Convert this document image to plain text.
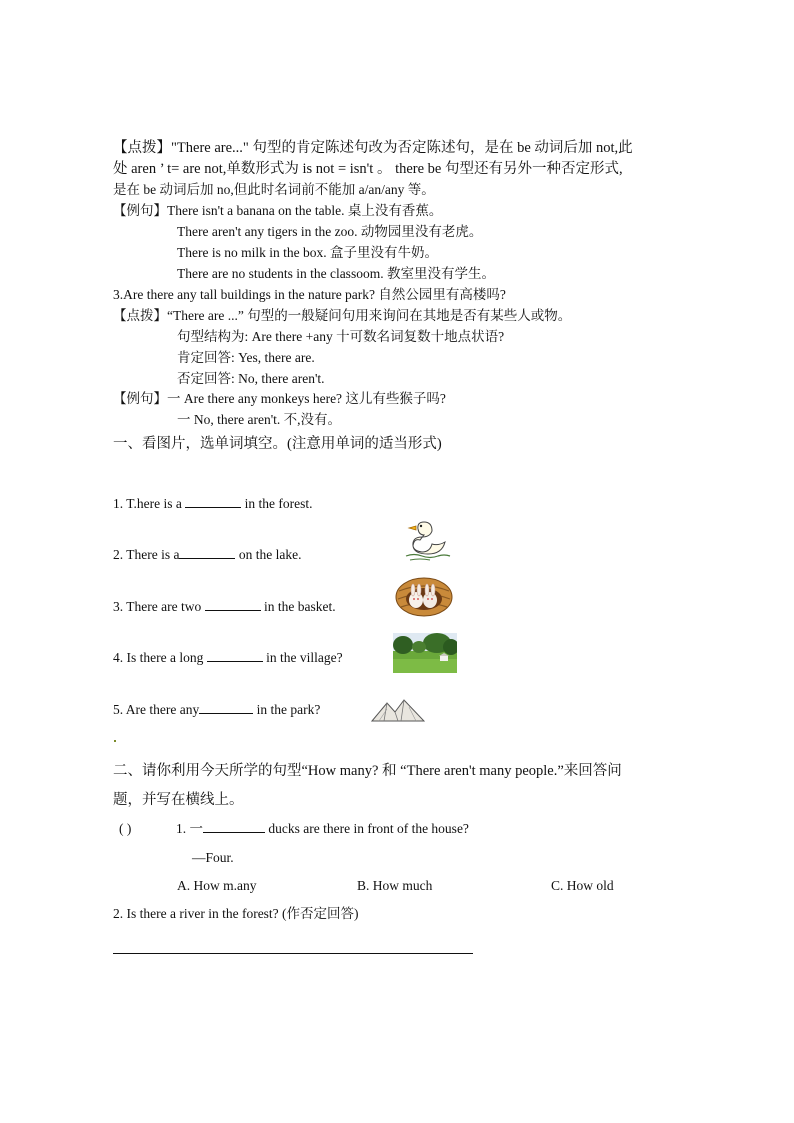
【点拨】"There are..." 句型的肯定陈述句改为否定陈述句，是在 be 动词后加 not,此
处 aren ’ t= are not,单数形式为 is not = isn't 。 there be 句型还有另外一种否定形式,
是在 be 动词后加 no,但此时名词前不能加 a/an/any 等。
【例句】There isn't a banana on the table. 桌上没有香蕉。
There aren't any tigers in the zoo. 动物园里没有老虎。
There is no milk in the box. 盒子里没有牛奶。
There are no students in the classoom. 教室里没有学生。
3.Are there any tall buildings in the nature park? 自然公园里有高楼吗?
【点拨】“There are ...” 句型的一般疑问句用来询问在其地是否有某些人或物。
句型结构为: Are there +any 十可数名词复数十地点状语?
肯定回答: Yes, there are.
否定回答: No, there aren't.
【例句】一 Are there any monkeys here? 这儿有些猴子吗?
一 No, there aren't. 不,没有。
一、看图片，选单词填空。(注意用单词的适当形式)
1. T.here is a	in the forest.
2. There is a	on the lake.
3. There are two	in the basket.
4. Is there a long	in the village?
5. Are there any	in the park?
二、请你利用今天所学的句型“How many? 和 “There aren't many people.”来回答问
题，并写在横线上。
( )	1. 一	ducks are there in front of the house?
—Four.
A. How m.any	B. How much	C. How old
2. Is there a river in the forest? (作否定回答)
